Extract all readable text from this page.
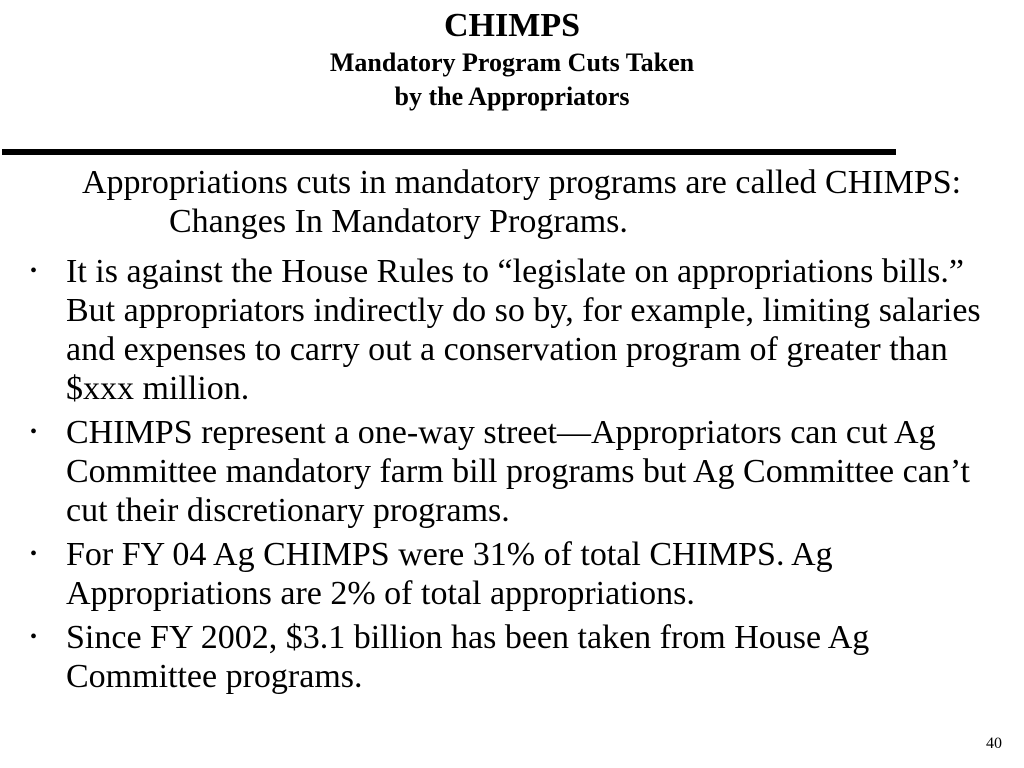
CHIMPS
Mandatory Program Cuts Taken
by the Appropriators

Appropriations cuts in mandatory programs are called CHIMPS: Changes In Mandatory Programs.

• It is against the House Rules to “legislate on appropriations bills.” But appropriators indirectly do so by, for example, limiting salaries and expenses to carry out a conservation program of greater than $xxx million.
• CHIMPS represent a one-way street—Appropriators can cut Ag Committee mandatory farm bill programs but Ag Committee can’t cut their discretionary programs.
• For FY 04 Ag CHIMPS were 31% of total CHIMPS. Ag Appropriations are 2% of total appropriations.
• Since FY 2002, $3.1 billion has been taken from House Ag Committee programs.
40
